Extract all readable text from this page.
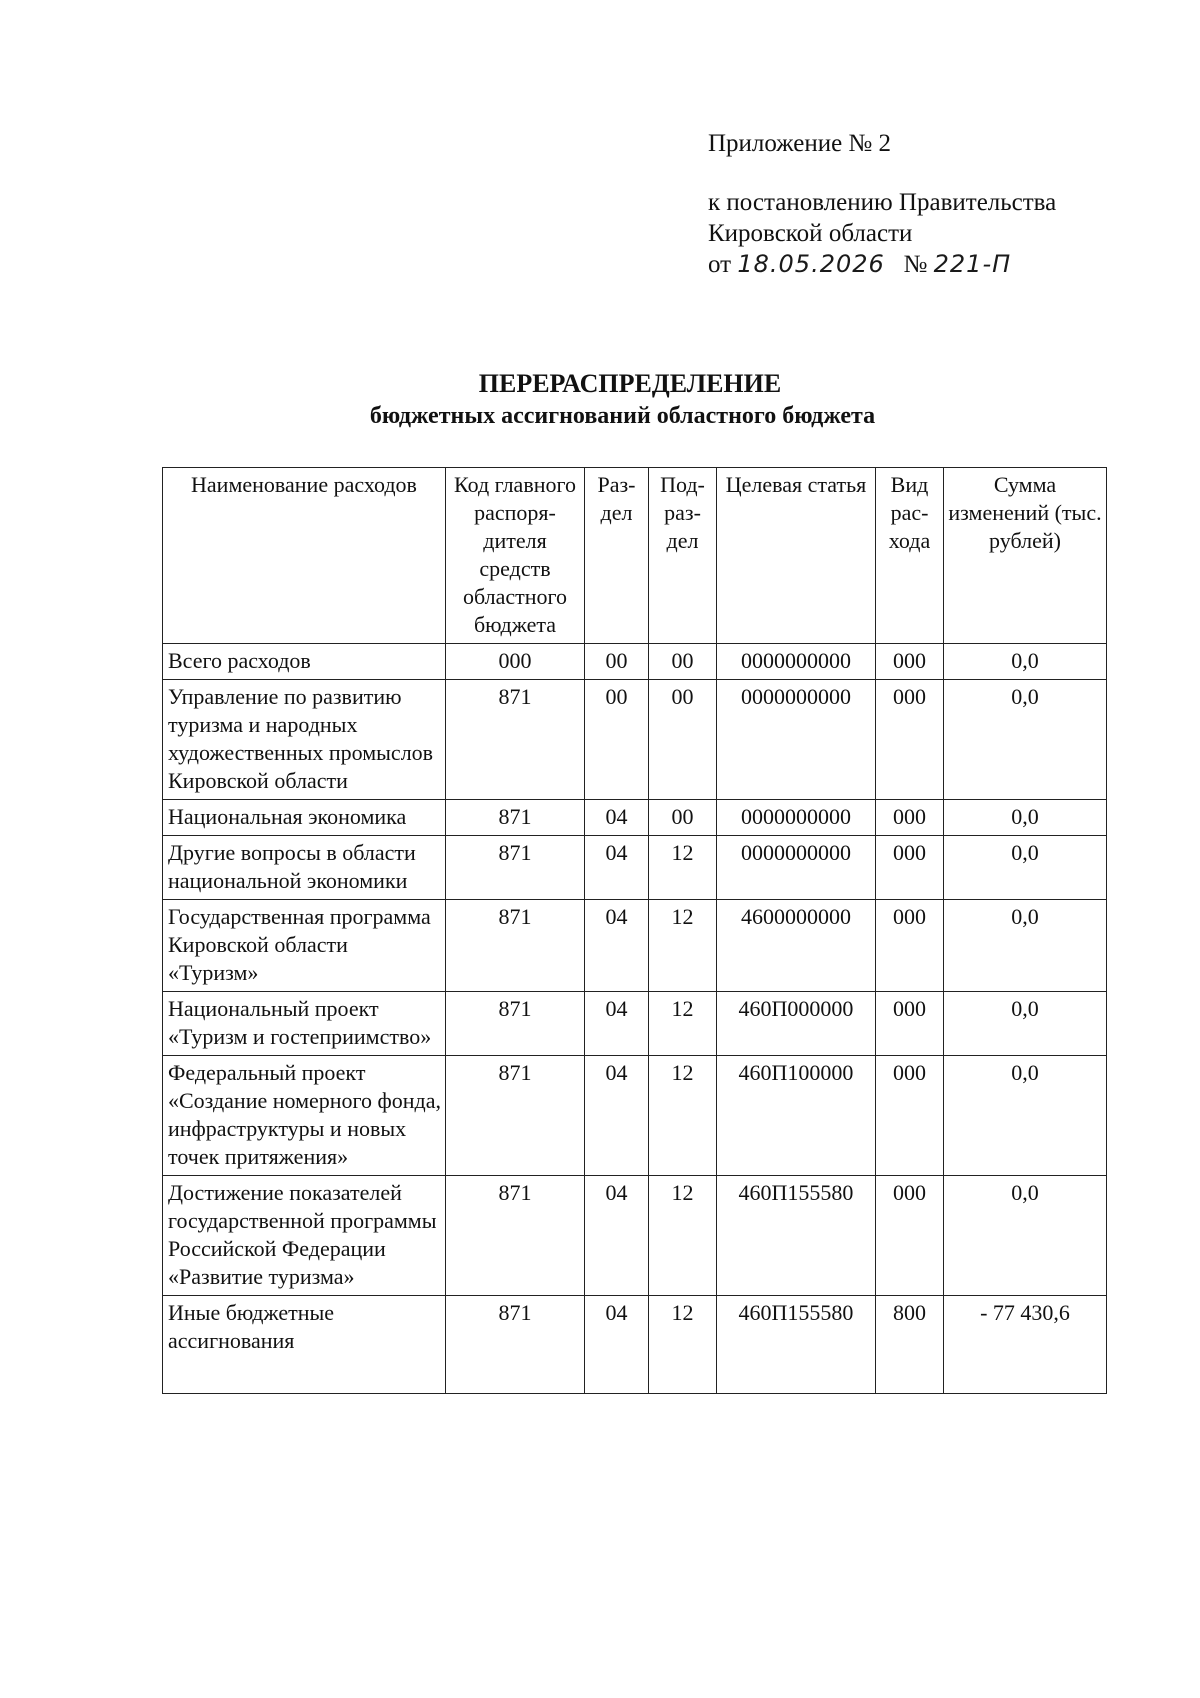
Приложение № 2
к постановлению Правительства
Кировской области
от 18.05.2026 № 221-П
ПЕРЕРАСПРЕДЕЛЕНИЕ
бюджетных ассигнований областного бюджета
Наименование расходов	Код главного распоря-дителя средств областного бюджета	Раз-дел	Под-раз-дел	Целевая статья	Вид рас-хода	Сумма изменений (тыс. рублей)
Всего расходов	000	00	00	0000000000	000	0,0
Управление по развитию туризма и народных художественных промыслов Кировской области	871	00	00	0000000000	000	0,0
Национальная экономика	871	04	00	0000000000	000	0,0
Другие вопросы в области национальной экономики	871	04	12	0000000000	000	0,0
Государственная программа Кировской области «Туризм»	871	04	12	4600000000	000	0,0
Национальный проект «Туризм и гостеприимство»	871	04	12	460П000000	000	0,0
Федеральный проект «Создание номерного фонда, инфраструктуры и новых точек притяжения»	871	04	12	460П100000	000	0,0
Достижение показателей государственной программы Российской Федерации «Развитие туризма»	871	04	12	460П155580	000	0,0
Иные бюджетные ассигнования	871	04	12	460П155580	800	- 77 430,6
